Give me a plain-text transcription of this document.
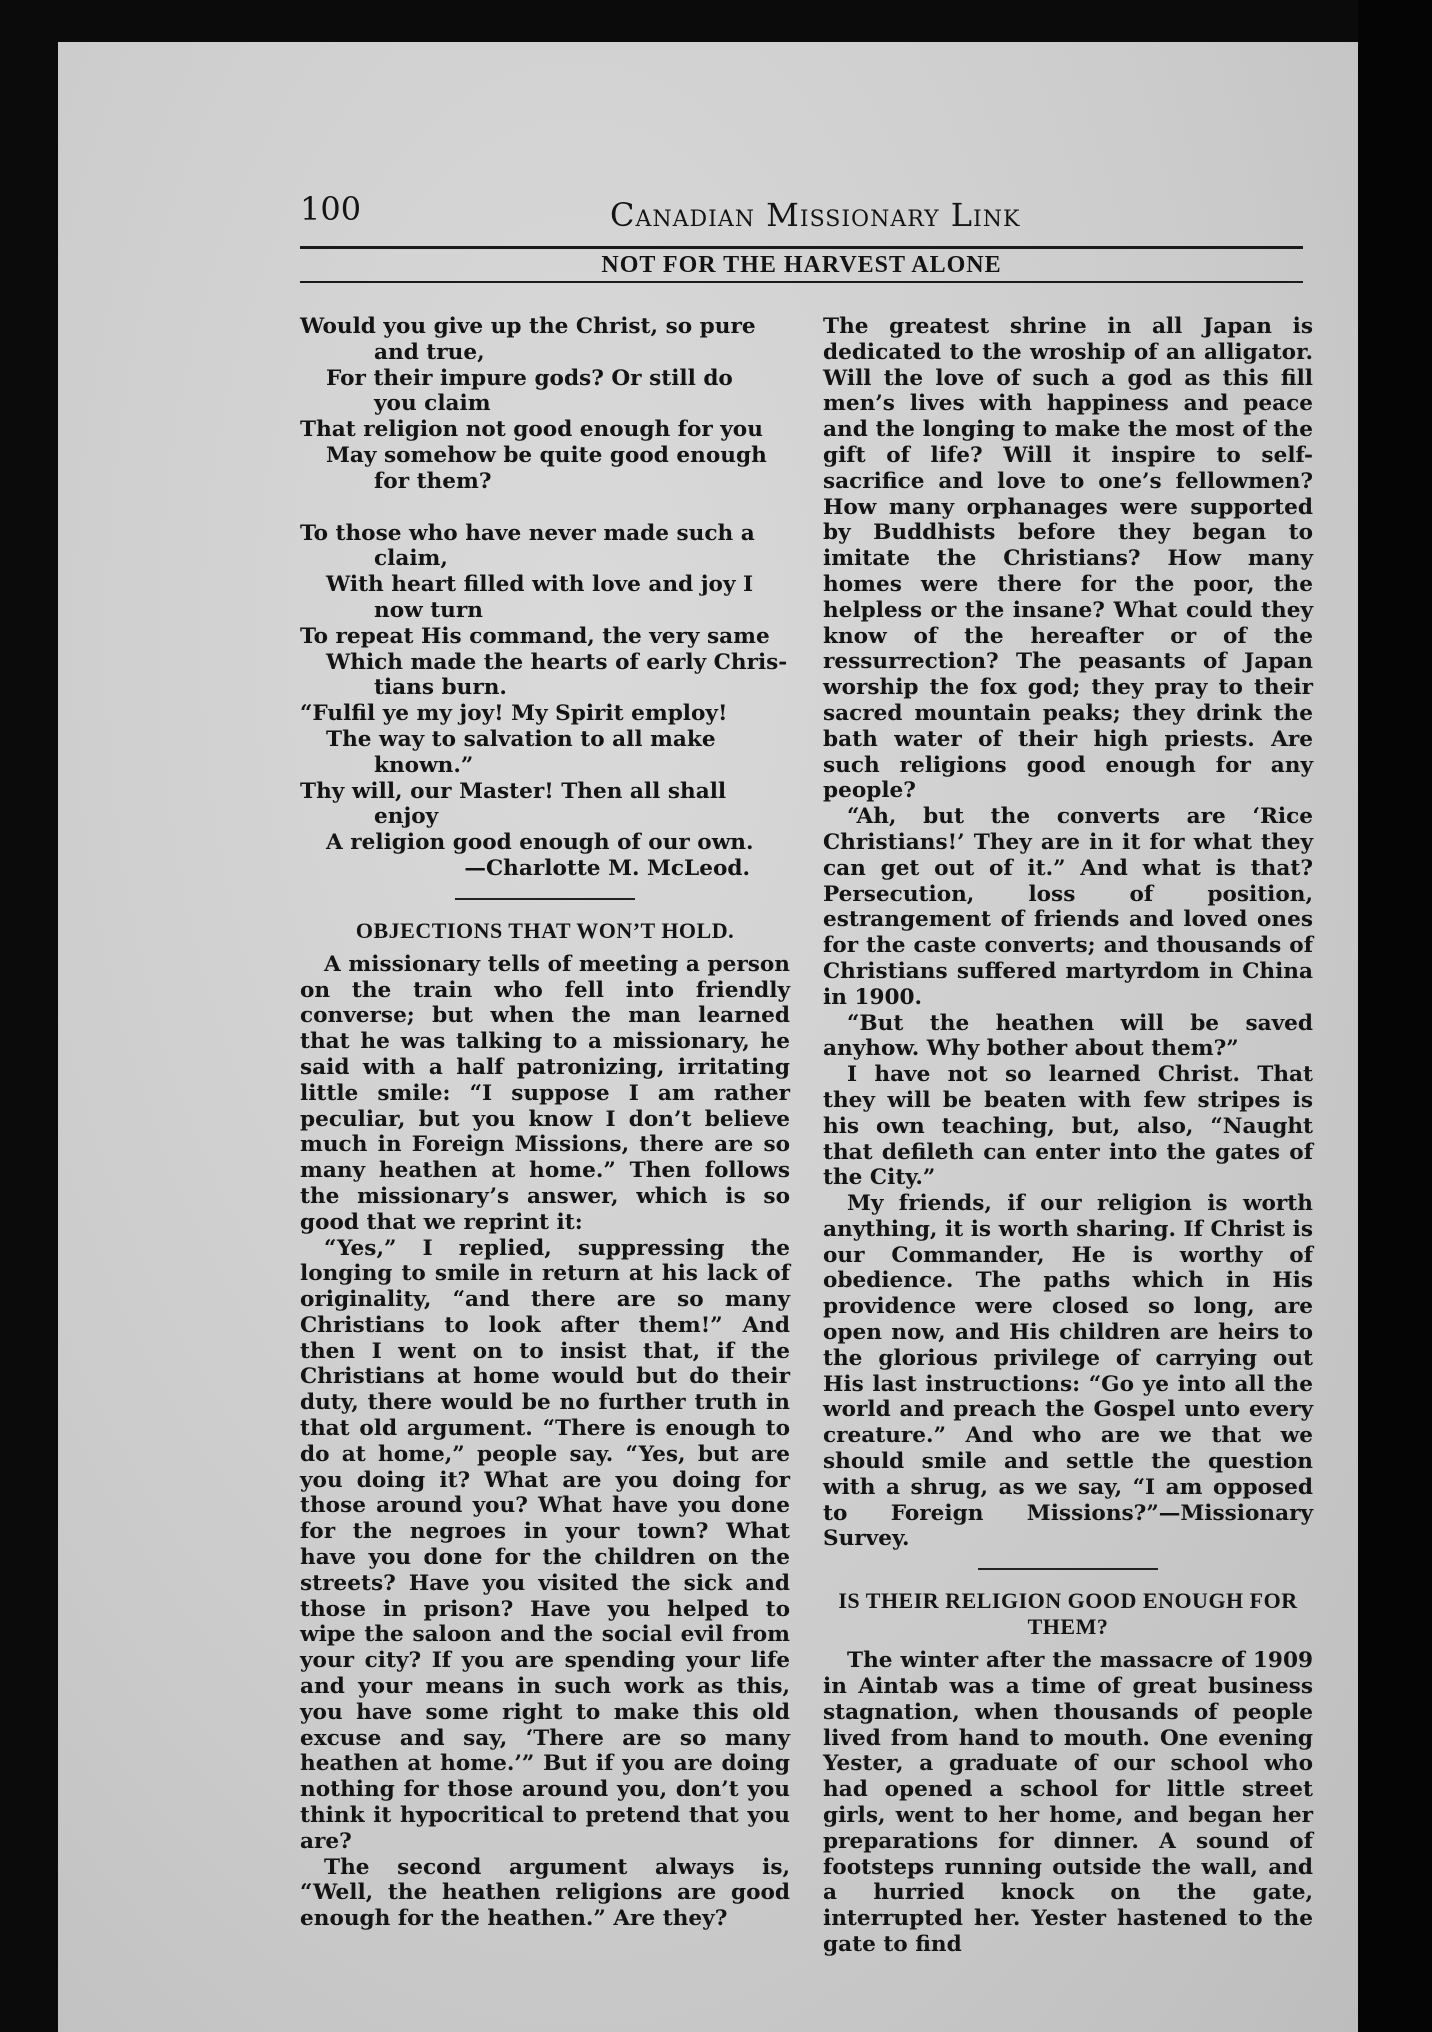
100	Canadian Missionary Link
NOT FOR THE HARVEST ALONE
Would you give up the Christ, so pure
and true,
For their impure gods? Or still do
you claim
That religion not good enough for you
May somehow be quite good enough
for them?
To those who have never made such a
claim,
With heart filled with love and joy I
now turn
To repeat His command, the very same
Which made the hearts of early Chris-
tians burn.
“Fulfil ye my joy! My Spirit employ!
The way to salvation to all make
known.”
Thy will, our Master! Then all shall
enjoy
A religion good enough of our own.

—Charlotte M. McLeod.

OBJECTIONS THAT WON’T HOLD.

A missionary tells of meeting a person on the train who fell into friendly converse; but when the man learned that he was talking to a missionary, he said with a half patronizing, irritating little smile: “I suppose I am rather peculiar, but you know I don’t believe much in Foreign Missions, there are so many heathen at home.” Then follows the missionary’s answer, which is so good that we reprint it:

“Yes,” I replied, suppressing the longing to smile in return at his lack of originality, “and there are so many Christians to look after them!” And then I went on to insist that, if the Christians at home would but do their duty, there would be no further truth in that old argument. “There is enough to do at home,” people say. “Yes, but are you doing it? What are you doing for those around you? What have you done for the negroes in your town? What have you done for the children on the streets? Have you visited the sick and those in prison? Have you helped to wipe the saloon and the social evil from your city? If you are spending your life and your means in such work as this, you have some right to make this old excuse and say, ‘There are so many heathen at home.’” But if you are doing nothing for those around you, don’t you think it hypocritical to pretend that you are?

The second argument always is, “Well, the heathen religions are good enough for the heathen.” Are they?

The greatest shrine in all Japan is dedicated to the wroship of an alligator. Will the love of such a god as this fill men’s lives with happiness and peace and the longing to make the most of the gift of life? Will it inspire to self-sacrifice and love to one’s fellowmen? How many orphanages were supported by Buddhists before they began to imitate the Christians? How many homes were there for the poor, the helpless or the insane? What could they know of the hereafter or of the ressurrection? The peasants of Japan worship the fox god; they pray to their sacred mountain peaks; they drink the bath water of their high priests. Are such religions good enough for any people?

“Ah, but the converts are ‘Rice Christians!’ They are in it for what they can get out of it.” And what is that? Persecution, loss of position, estrangement of friends and loved ones for the caste converts; and thousands of Christians suffered martyrdom in China in 1900.

“But the heathen will be saved anyhow. Why bother about them?”

I have not so learned Christ. That they will be beaten with few stripes is his own teaching, but, also, “Naught that defileth can enter into the gates of the City.”

My friends, if our religion is worth anything, it is worth sharing. If Christ is our Commander, He is worthy of obedience. The paths which in His providence were closed so long, are open now, and His children are heirs to the glorious privilege of carrying out His last instructions: “Go ye into all the world and preach the Gospel unto every creature.” And who are we that we should smile and settle the question with a shrug, as we say, “I am opposed to Foreign Missions?”—Missionary Survey.

IS THEIR RELIGION GOOD ENOUGH FOR THEM?

The winter after the massacre of 1909 in Aintab was a time of great business stagnation, when thousands of people lived from hand to mouth. One evening Yester, a graduate of our school who had opened a school for little street girls, went to her home, and began her preparations for dinner. A sound of footsteps running outside the wall, and a hurried knock on the gate, interrupted her. Yester hastened to the gate to find
